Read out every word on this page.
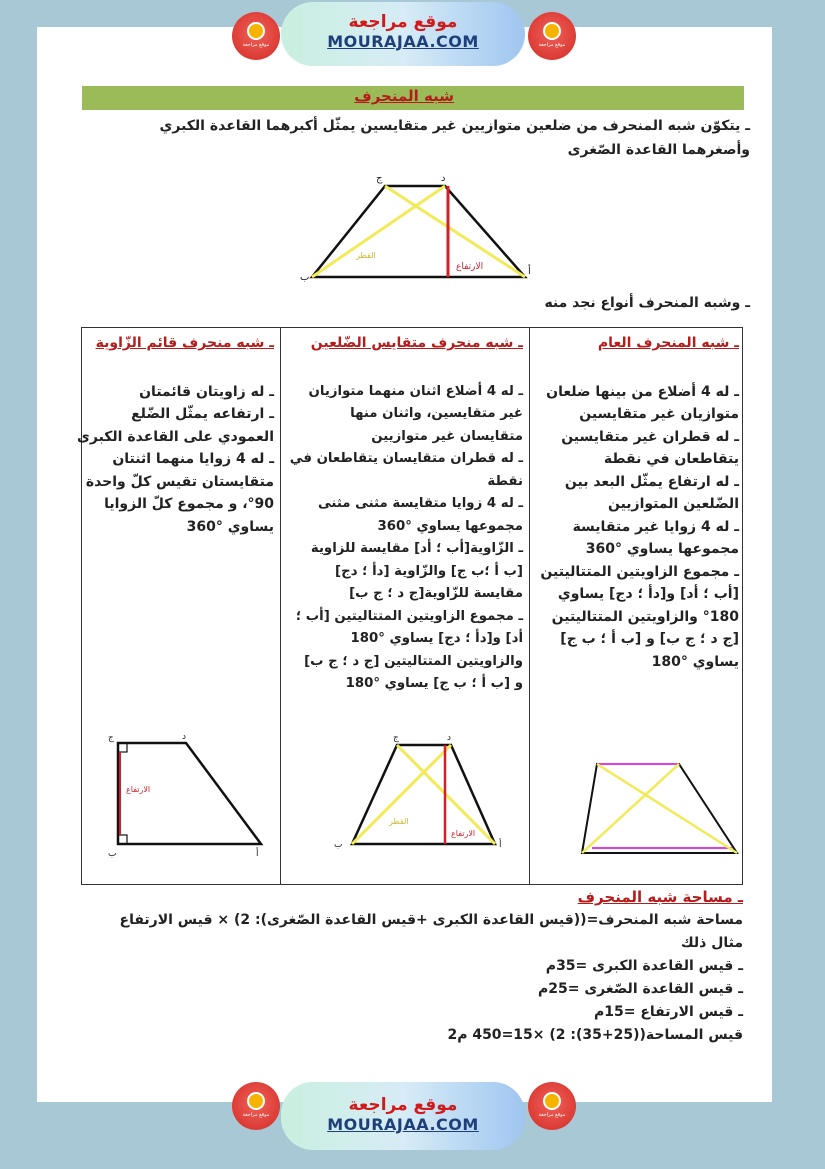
موقع مراجعة
موقع مراجعة
MOURAJAA.COM	موقع مراجعة
شبه المنحرف
ـ يتكوّن شبه المنحرف من ضلعين متوازيين غير متقايسين يمثّل أكبرهما القاعدة الكبري وأصغرهما القاعدة الصّغرى
د
ج
ب
أ
القطر
الارتفاع
ـ وشبه المنحرف أنواع نجد منه
ـ شبه المنحرف العام
ـ له 4 أضلاع من بينها ضلعان
متوازيان غير متقايسين
ـ له قطران غير متقايسين
يتقاطعان في نقطة
ـ له ارتفاع يمثّل البعد بين
الضّلعين المتوازيين
ـ له 4 زوايا غير متقايسة
مجموعها يساوي °360
ـ مجموع الزاويتين المتتاليتين
[أب ؛ أد] و[دأ ؛ دج] يساوي
°180 والزاويتين المتتاليتين
[ج د ؛ ج ب] و [ب أ ؛ ب ج]
يساوي °180
ـ شبه منحرف متقايس الضّلعين
ـ له 4 أضلاع اثنان منهما متوازيان
غير متقايسين، واثنان منها
متقايسان غير متوازيين
ـ له قطران متقايسان يتقاطعان في
نقطة
ـ له 4 زوايا متقايسة مثنى مثنى
مجموعها يساوي °360
ـ الزّاوية[أب ؛ أد] مقايسة للزاوية
[ب أ ؛ب ج] والزّاوية [دأ ؛ دج]
مقايسة للزّاوية[ج د ؛ ج ب]
ـ مجموع الزاويتين المتتاليتين [أب ؛
أد] و[دأ ؛ دج] يساوي °180
والزاويتين المتتاليتين [ج د ؛ ج ب]
و [ب أ ؛ ب ج] يساوي °180
ـ شبه منحرف قائم الزّاوية
ـ له زاويتان قائمتان
ـ ارتفاعه يمثّل الضّلع
العمودي على القاعدة الكبرى
ـ له 4 زوايا منهما اثنتان
متقايستان تقيس كلّ واحدة
°90، و مجموع كلّ الزوايا
يساوي °360
ج	د
ب	أ
الارتفاع
ج	د
ب	أ
القطر
الارتفاع
ـ مساحة شبه المنحرف
مساحة شبه المنحرف=((قيس القاعدة الكبرى +قيس القاعدة الصّغرى): 2) × قيس الارتفاع
مثال ذلك
ـ قيس القاعدة الكبرى =35م
ـ قيس القاعدة الصّغرى =25م
ـ قيس الارتفاع =15م
قيس المساحة((25+35): 2) ×15=450 م2
موقع مراجعة	موقع مراجعة
MOURAJAA.COM	موقع مراجعة
